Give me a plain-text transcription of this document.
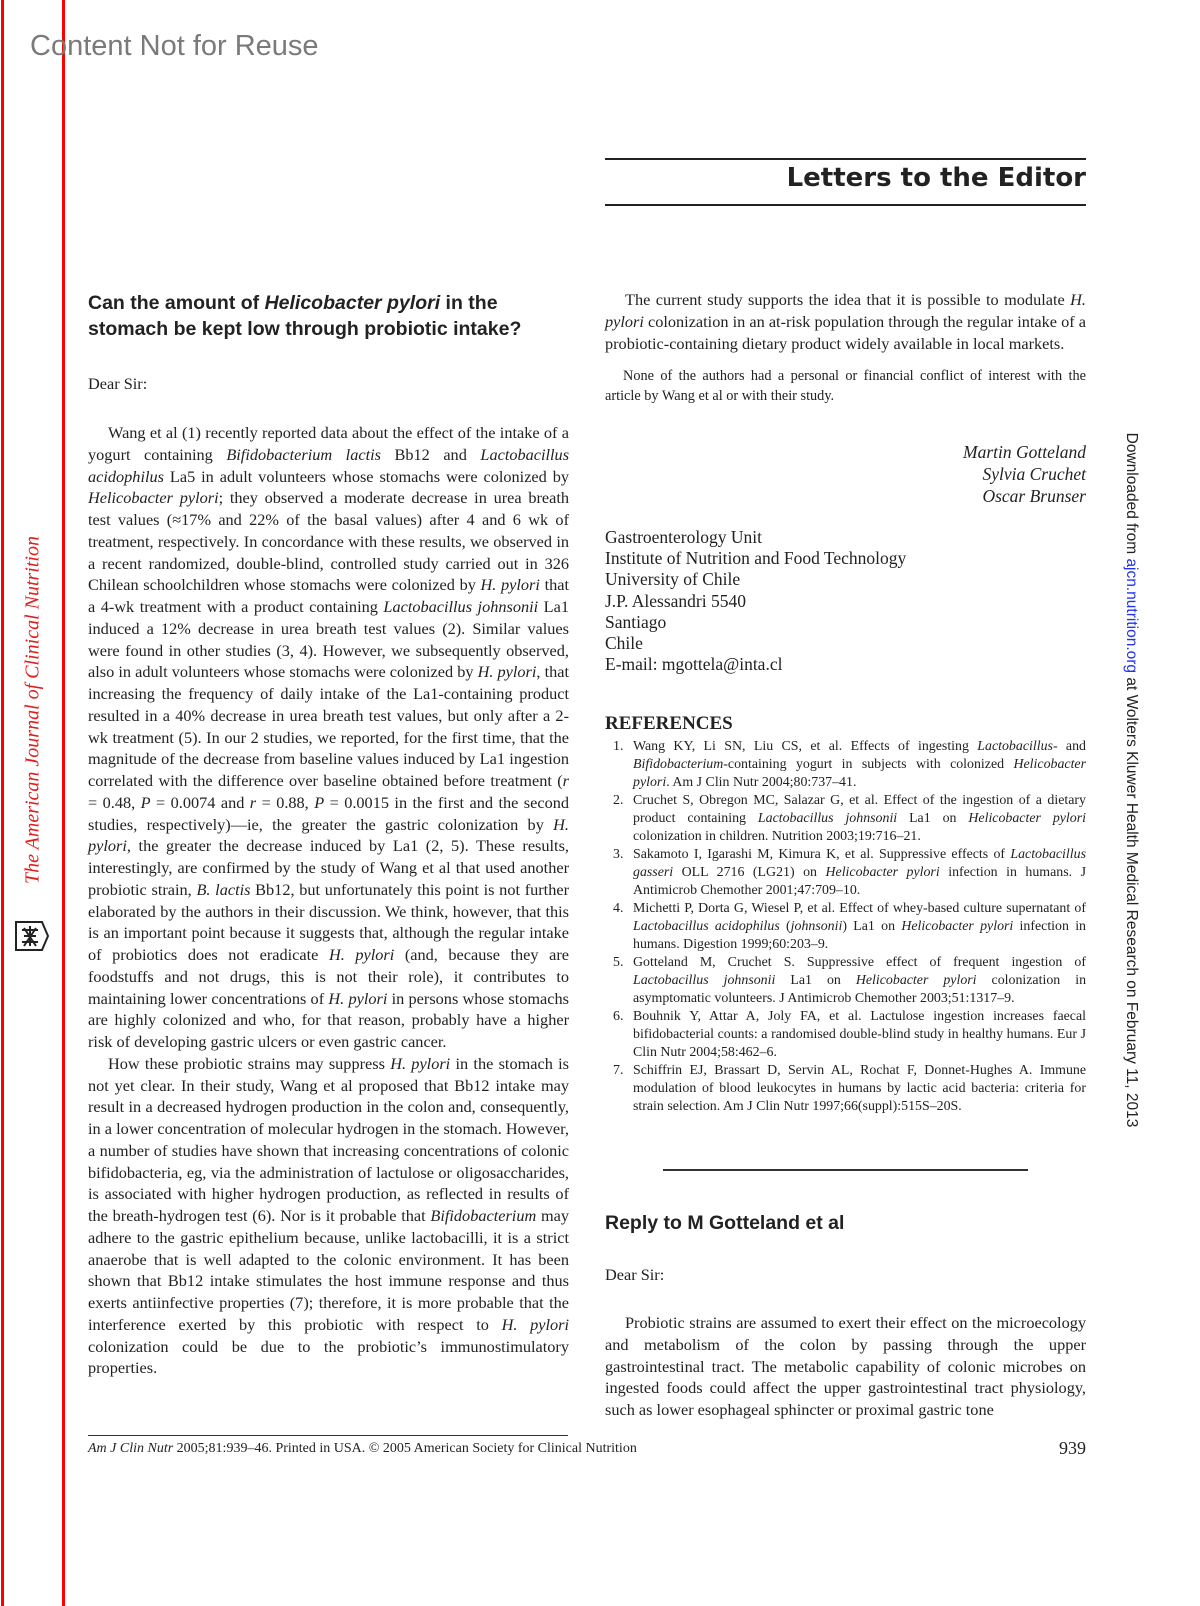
Content Not for Reuse
The American Journal of Clinical Nutrition
Downloaded from ajcn.nutrition.org at Wolters Kluwer Health Medical Research on February 11, 2013
Letters to the Editor
Can the amount of Helicobacter pylori in the stomach be kept low through probiotic intake?
Dear Sir:

Wang et al (1) recently reported data about the effect of the intake of a yogurt containing Bifidobacterium lactis Bb12 and Lactobacillus acidophilus La5 in adult volunteers whose stomachs were colonized by Helicobacter pylori; they observed a moderate decrease in urea breath test values (≈17% and 22% of the basal values) after 4 and 6 wk of treatment, respectively. In concordance with these results, we observed in a recent randomized, double-blind, controlled study carried out in 326 Chilean schoolchildren whose stomachs were colonized by H. pylori that a 4-wk treatment with a product containing Lactobacillus johnsonii La1 induced a 12% decrease in urea breath test values (2). Similar values were found in other studies (3, 4). However, we subsequently observed, also in adult volunteers whose stomachs were colonized by H. pylori, that increasing the frequency of daily intake of the La1-containing product resulted in a 40% decrease in urea breath test values, but only after a 2-wk treatment (5). In our 2 studies, we reported, for the first time, that the magnitude of the decrease from baseline values induced by La1 ingestion correlated with the difference over baseline obtained before treatment (r = 0.48, P = 0.0074 and r = 0.88, P = 0.0015 in the first and the second studies, respectively)—ie, the greater the gastric colonization by H. pylori, the greater the decrease induced by La1 (2, 5). These results, interestingly, are confirmed by the study of Wang et al that used another probiotic strain, B. lactis Bb12, but unfortunately this point is not further elaborated by the authors in their discussion. We think, however, that this is an important point because it suggests that, although the regular intake of probiotics does not eradicate H. pylori (and, because they are foodstuffs and not drugs, this is not their role), it contributes to maintaining lower concentrations of H. pylori in persons whose stomachs are highly colonized and who, for that reason, probably have a higher risk of developing gastric ulcers or even gastric cancer.

How these probiotic strains may suppress H. pylori in the stomach is not yet clear. In their study, Wang et al proposed that Bb12 intake may result in a decreased hydrogen production in the colon and, consequently, in a lower concentration of molecular hydrogen in the stomach. However, a number of studies have shown that increasing concentrations of colonic bifidobacteria, eg, via the administration of lactulose or oligosaccharides, is associated with higher hydrogen production, as reflected in results of the breath-hydrogen test (6). Nor is it probable that Bifidobacterium may adhere to the gastric epithelium because, unlike lactobacilli, it is a strict anaerobe that is well adapted to the colonic environment. It has been shown that Bb12 intake stimulates the host immune response and thus exerts antiinfective properties (7); therefore, it is more probable that the interference exerted by this probiotic with respect to H. pylori colonization could be due to the probiotic’s immunostimulatory properties.

The current study supports the idea that it is possible to modulate H. pylori colonization in an at-risk population through the regular intake of a probiotic-containing dietary product widely available in local markets.

None of the authors had a personal or financial conflict of interest with the article by Wang et al or with their study.

Martin Gotteland
Sylvia Cruchet
Oscar Brunser
Gastroenterology Unit
Institute of Nutrition and Food Technology
University of Chile
J.P. Alessandri 5540
Santiago
Chile
E-mail: mgottela@inta.cl
REFERENCES
1. Wang KY, Li SN, Liu CS, et al. Effects of ingesting Lactobacillus- and Bifidobacterium-containing yogurt in subjects with colonized Helicobacter pylori. Am J Clin Nutr 2004;80:737–41.
2. Cruchet S, Obregon MC, Salazar G, et al. Effect of the ingestion of a dietary product containing Lactobacillus johnsonii La1 on Helicobacter pylori colonization in children. Nutrition 2003;19:716–21.
3. Sakamoto I, Igarashi M, Kimura K, et al. Suppressive effects of Lactobacillus gasseri OLL 2716 (LG21) on Helicobacter pylori infection in humans. J Antimicrob Chemother 2001;47:709–10.
4. Michetti P, Dorta G, Wiesel P, et al. Effect of whey-based culture supernatant of Lactobacillus acidophilus (johnsonii) La1 on Helicobacter pylori infection in humans. Digestion 1999;60:203–9.
5. Gotteland M, Cruchet S. Suppressive effect of frequent ingestion of Lactobacillus johnsonii La1 on Helicobacter pylori colonization in asymptomatic volunteers. J Antimicrob Chemother 2003;51:1317–9.
6. Bouhnik Y, Attar A, Joly FA, et al. Lactulose ingestion increases faecal bifidobacterial counts: a randomised double-blind study in healthy humans. Eur J Clin Nutr 2004;58:462–6.
7. Schiffrin EJ, Brassart D, Servin AL, Rochat F, Donnet-Hughes A. Immune modulation of blood leukocytes in humans by lactic acid bacteria: criteria for strain selection. Am J Clin Nutr 1997;66(suppl):515S–20S.
Reply to M Gotteland et al
Dear Sir:

Probiotic strains are assumed to exert their effect on the microecology and metabolism of the colon by passing through the upper gastrointestinal tract. The metabolic capability of colonic microbes on ingested foods could affect the upper gastrointestinal tract physiology, such as lower esophageal sphincter or proximal gastric tone

Am J Clin Nutr 2005;81:939–46. Printed in USA. © 2005 American Society for Clinical Nutrition	939
